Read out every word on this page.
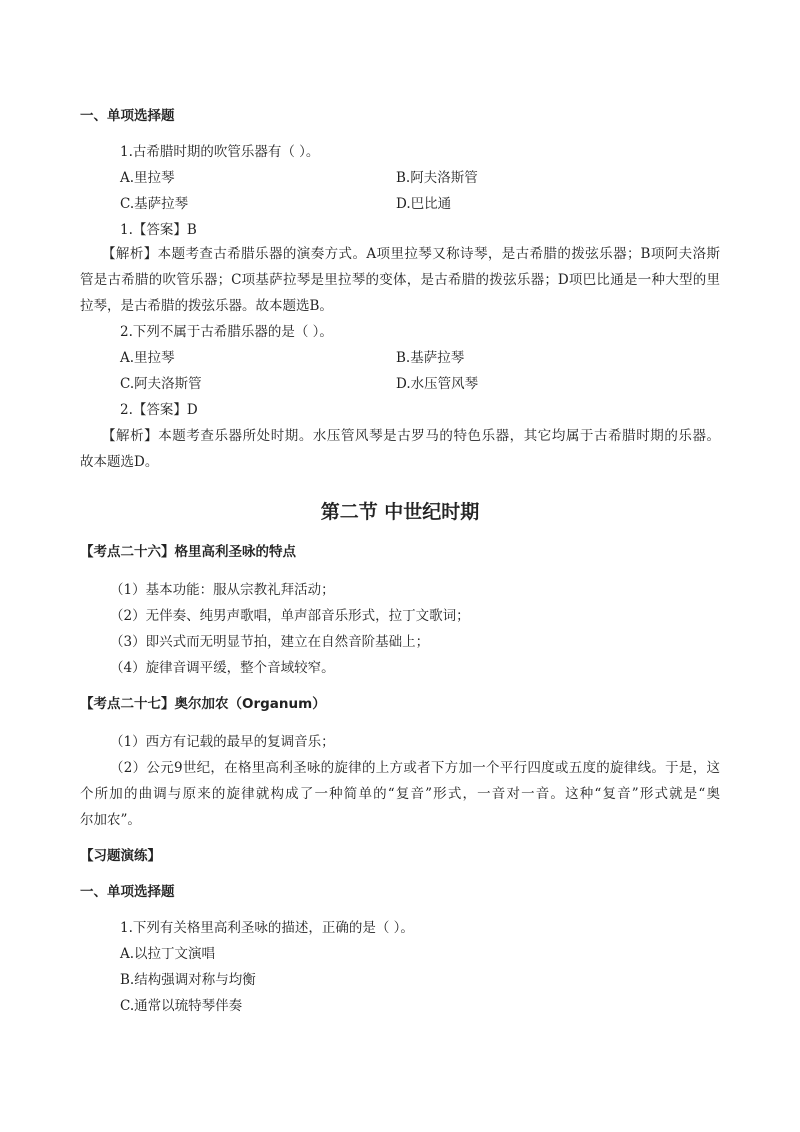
一、单项选择题
1.古希腊时期的吹管乐器有（ ）。
A.里拉琴	B.阿夫洛斯管
C.基萨拉琴	D.巴比通
1.【答案】B
【解析】本题考查古希腊乐器的演奏方式。A项里拉琴又称诗琴，是古希腊的拨弦乐器；B项阿夫洛斯
管是古希腊的吹管乐器；C项基萨拉琴是里拉琴的变体，是古希腊的拨弦乐器；D项巴比通是一种大型的里
拉琴，是古希腊的拨弦乐器。故本题选B。
2.下列不属于古希腊乐器的是（ ）。
A.里拉琴	B.基萨拉琴
C.阿夫洛斯管	D.水压管风琴
2.【答案】D
【解析】本题考查乐器所处时期。水压管风琴是古罗马的特色乐器，其它均属于古希腊时期的乐器。
故本题选D。
第二节 中世纪时期
【考点二十六】格里高利圣咏的特点
（1）基本功能：服从宗教礼拜活动；
（2）无伴奏、纯男声歌唱，单声部音乐形式，拉丁文歌词；
（3）即兴式而无明显节拍，建立在自然音阶基础上；
（4）旋律音调平缓，整个音域较窄。
【考点二十七】奥尔加农（Organum）
（1）西方有记载的最早的复调音乐；
（2）公元9世纪，在格里高利圣咏的旋律的上方或者下方加一个平行四度或五度的旋律线。于是，这
个所加的曲调与原来的旋律就构成了一种简单的“复音”形式，一音对一音。这种“复音”形式就是“奥
尔加农”。
【习题演练】
一、单项选择题
1.下列有关格里高利圣咏的描述，正确的是（ ）。
A.以拉丁文演唱
B.结构强调对称与均衡
C.通常以琉特琴伴奏
